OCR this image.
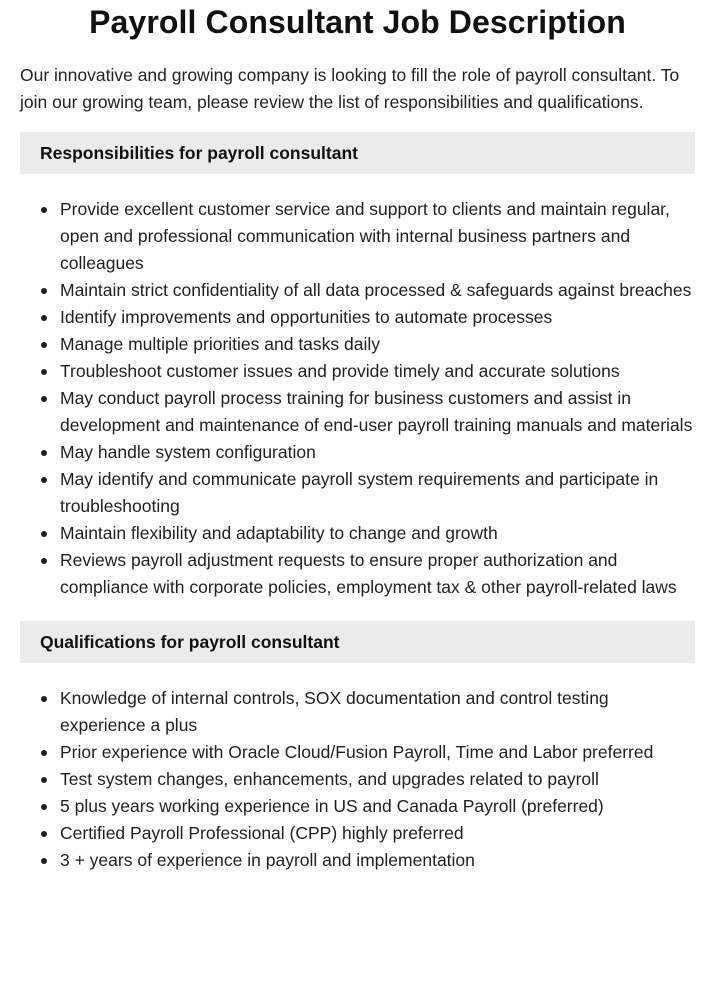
Payroll Consultant Job Description

Our innovative and growing company is looking to fill the role of payroll consultant. To join our growing team, please review the list of responsibilities and qualifications.

Responsibilities for payroll consultant
Provide excellent customer service and support to clients and maintain regular, open and professional communication with internal business partners and colleagues
Maintain strict confidentiality of all data processed & safeguards against breaches
Identify improvements and opportunities to automate processes
Manage multiple priorities and tasks daily
Troubleshoot customer issues and provide timely and accurate solutions
May conduct payroll process training for business customers and assist in development and maintenance of end-user payroll training manuals and materials
May handle system configuration
May identify and communicate payroll system requirements and participate in troubleshooting
Maintain flexibility and adaptability to change and growth
Reviews payroll adjustment requests to ensure proper authorization and compliance with corporate policies, employment tax & other payroll-related laws
Qualifications for payroll consultant
Knowledge of internal controls, SOX documentation and control testing experience a plus
Prior experience with Oracle Cloud/Fusion Payroll, Time and Labor preferred
Test system changes, enhancements, and upgrades related to payroll
5 plus years working experience in US and Canada Payroll (preferred)
Certified Payroll Professional (CPP) highly preferred
3 + years of experience in payroll and implementation
